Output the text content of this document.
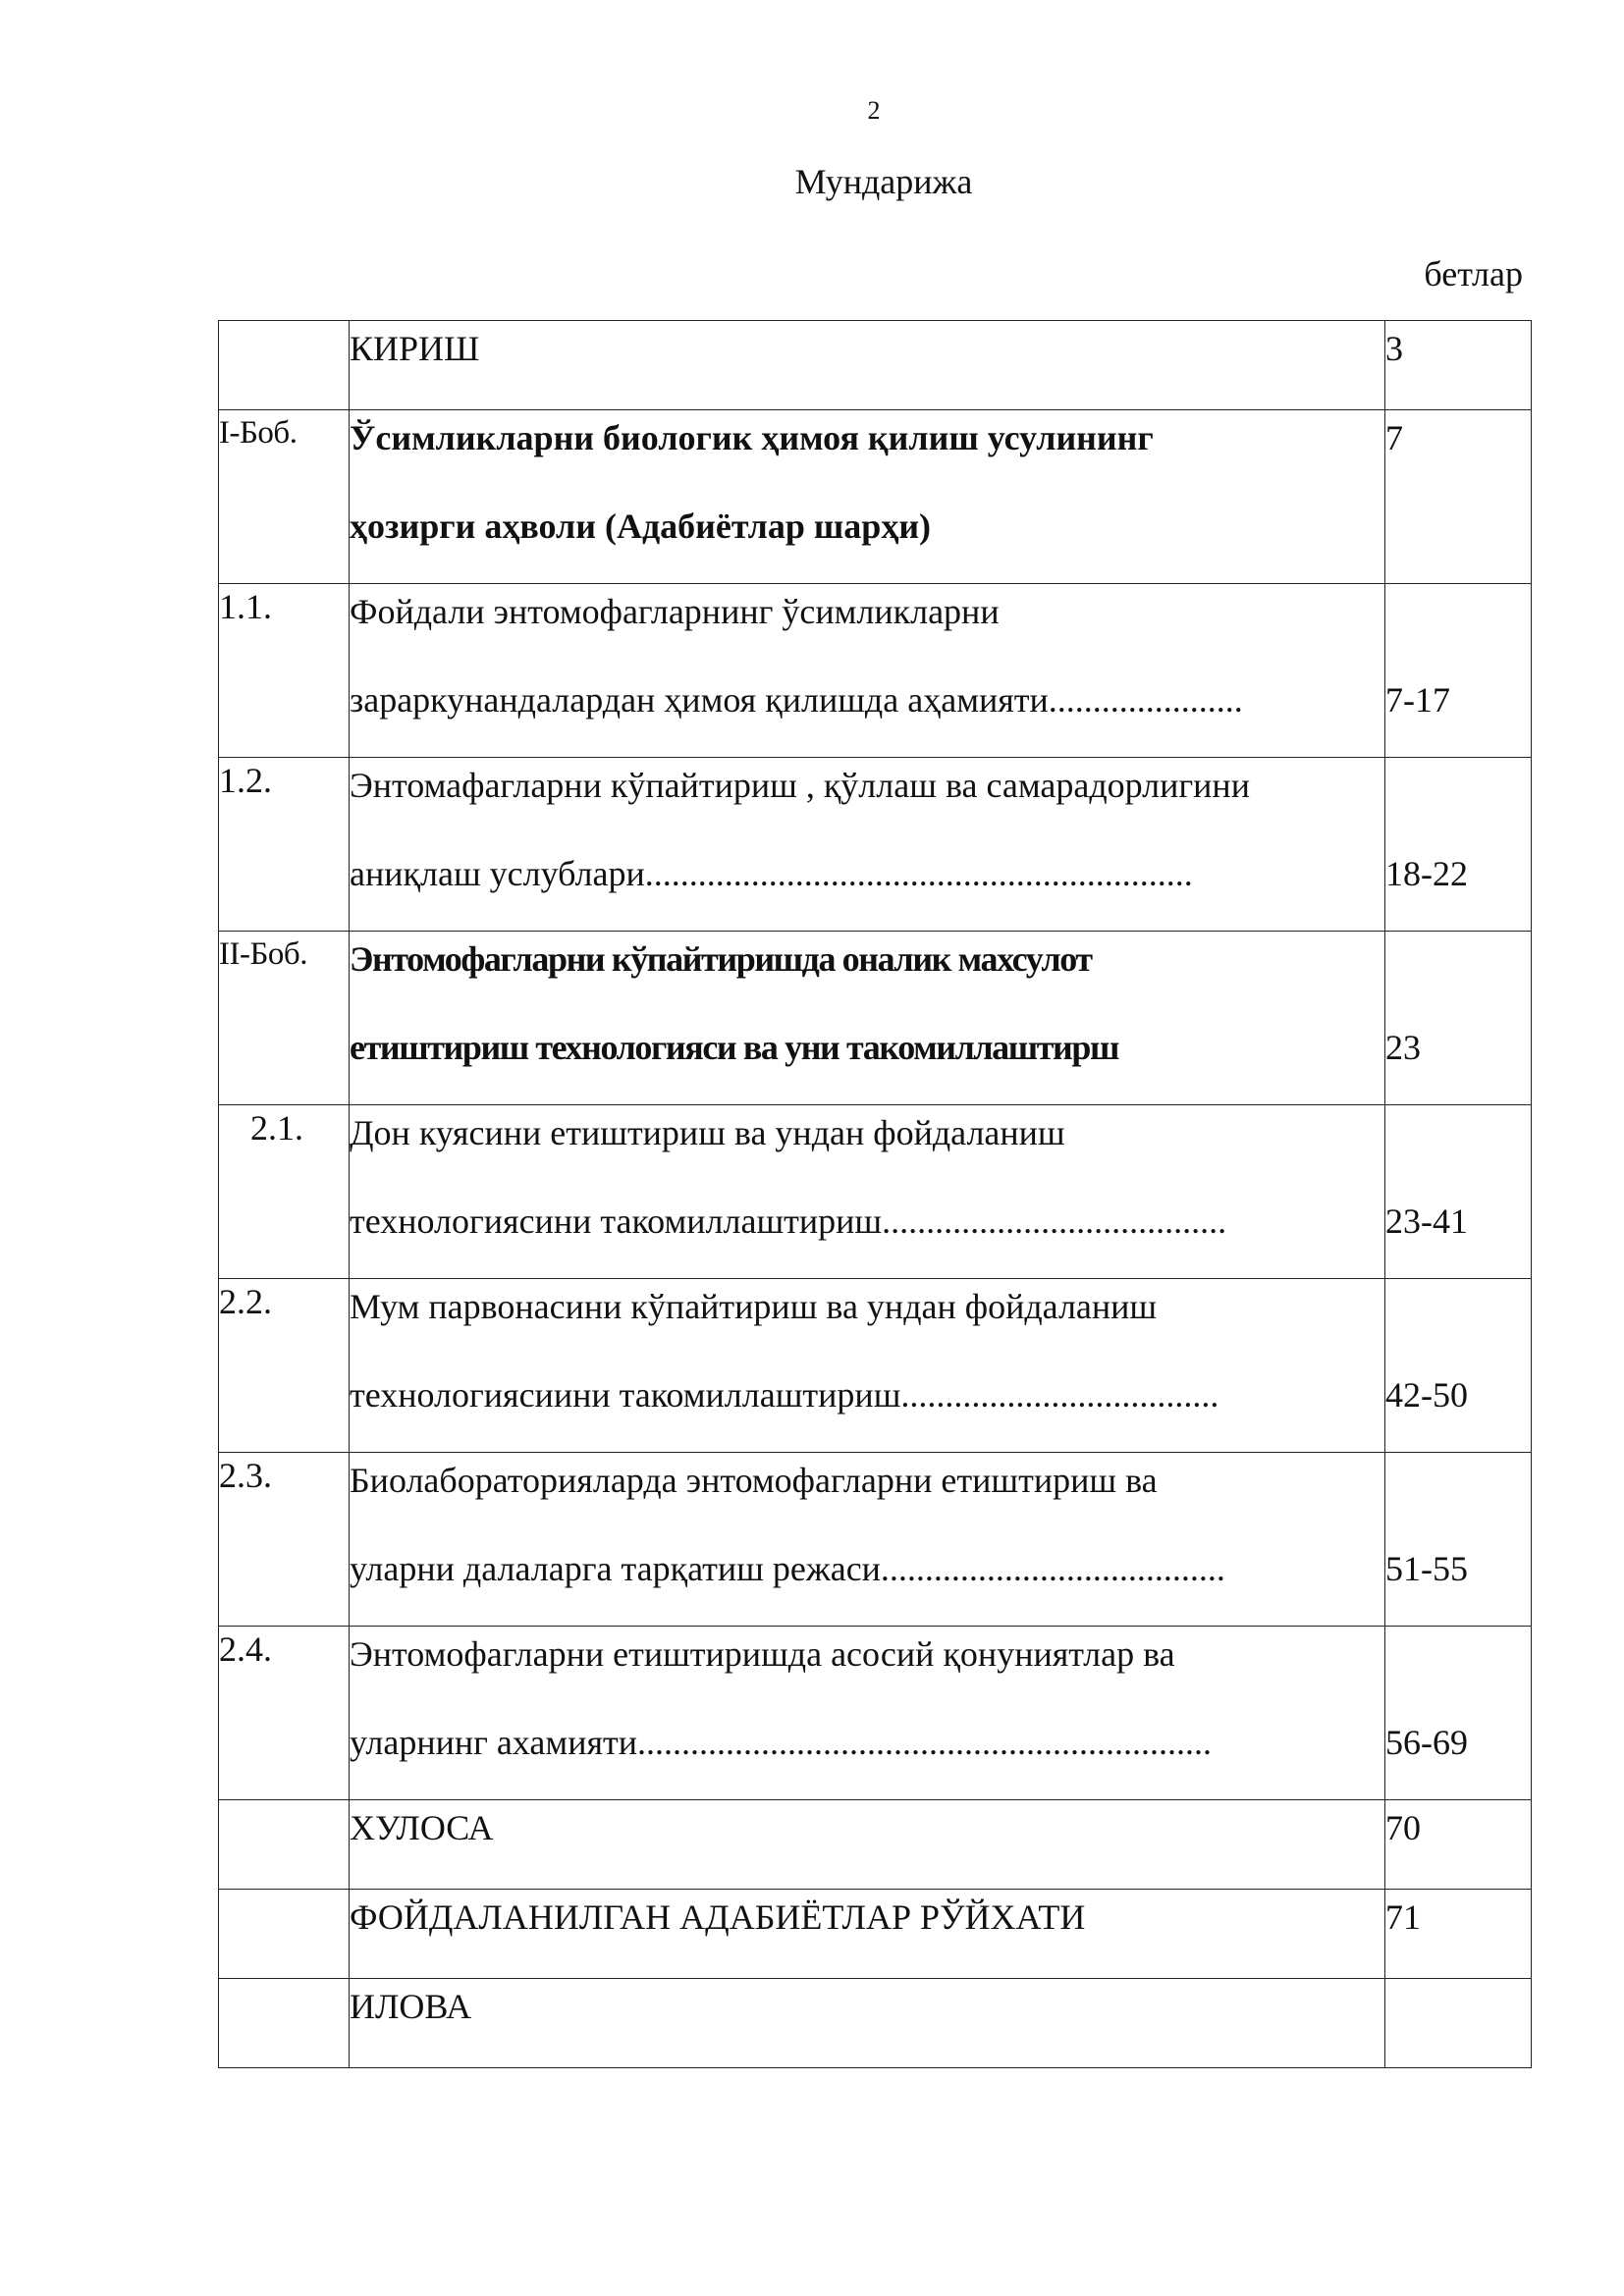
2
Мундарижа
бетлар

	КИРИШ	3
I-Боб.	Ўсимликларни биологик ҳимоя қилиш усулининг
ҳозирги аҳволи (Адабиётлар шарҳи)	7
1.1.	Фойдали энтомофагларнинг ўсимликларни
зараркунандалардан ҳимоя қилишда аҳамияти......................	7-17
1.2.	Энтомафагларни кўпайтириш , қўллаш ва самарадорлигини
аниқлаш услублари..............................................................	18-22
II-Боб.	Энтомофагларни кўпайтиришда оналик махсулот
етиштириш технологияси ва уни такомиллаштирш	23
2.1.	Дон куясини етиштириш ва ундан фойдаланиш
технологиясини такомиллаштириш.......................................	23-41
2.2.	Мум парвонасини кўпайтириш ва ундан фойдаланиш
технологиясиини такомиллаштириш....................................	42-50
2.3.	Биолабораторияларда энтомофагларни етиштириш ва
уларни далаларга тарқатиш режаси.......................................	51-55
2.4.	Энтомофагларни етиштиришда асосий қонуниятлар ва
уларнинг ахамияти.................................................................	56-69

	ХУЛОСА	70

	ФОЙДАЛАНИЛГАН АДАБИЁТЛАР РЎЙХАТИ	71

	ИЛОВА	
